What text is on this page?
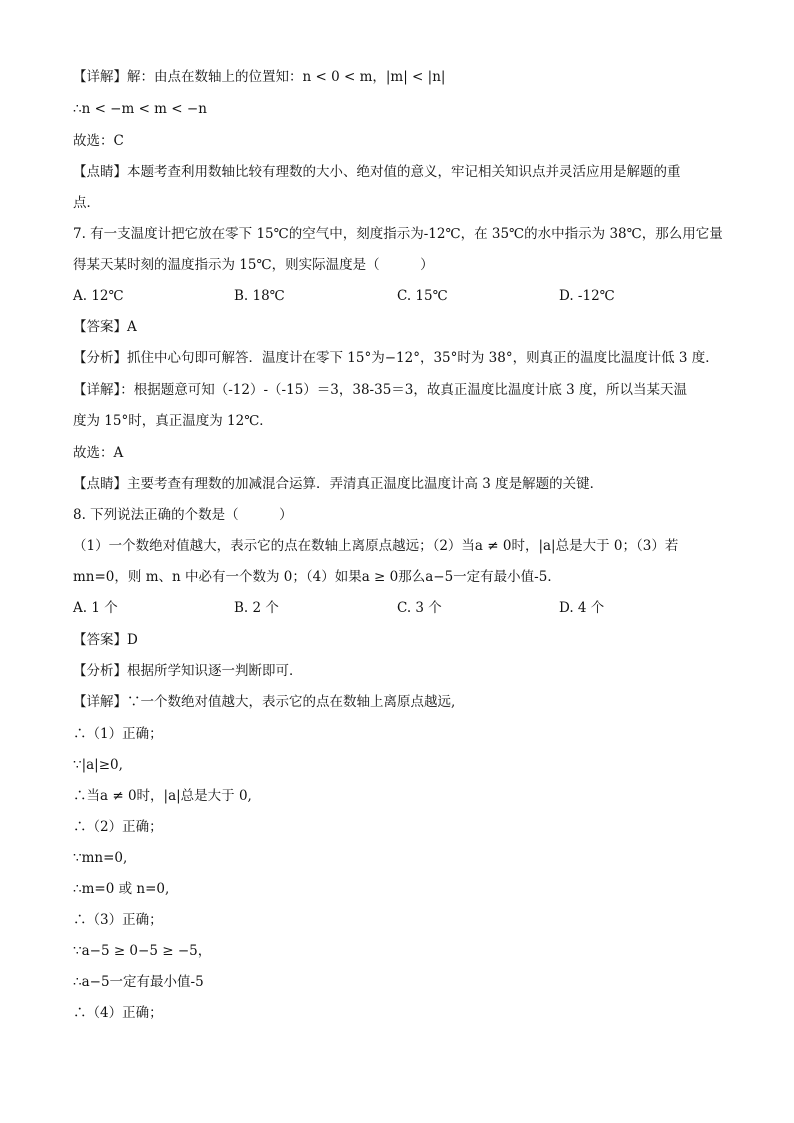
【详解】解：由点在数轴上的位置知：n < 0 < m，|m| < |n|
∴n < −m < m < −n
故选：C
【点睛】本题考查利用数轴比较有理数的大小、绝对值的意义，牢记相关知识点并灵活应用是解题的重
点．
7. 有一支温度计把它放在零下 15℃的空气中，刻度指示为-12℃，在 35℃的水中指示为 38℃，那么用它量
得某天某时刻的温度指示为 15℃，则实际温度是（　　　）
A. 12℃	B. 18℃	C. 15℃	D. -12℃
【答案】A
【分析】抓住中心句即可解答．温度计在零下 15°为−12°，35°时为 38°，则真正的温度比温度计低 3 度．
【详解】：根据题意可知（-12）-（-15）＝3，38-35＝3，故真正温度比温度计底 3 度，所以当某天温
度为 15°时，真正温度为 12℃．
故选：A
【点睛】主要考查有理数的加减混合运算．弄清真正温度比温度计高 3 度是解题的关键．
8. 下列说法正确的个数是（　　　）
（1）一个数绝对值越大，表示它的点在数轴上离原点越远；（2）当a ≠ 0时，|a|总是大于 0；（3）若
mn=0，则 m、n 中必有一个数为 0；（4）如果a ≥ 0那么a−5一定有最小值-5．
A. 1 个	B. 2 个	C. 3 个	D. 4 个
【答案】D
【分析】根据所学知识逐一判断即可．
【详解】∵一个数绝对值越大，表示它的点在数轴上离原点越远,
∴（1）正确；
∵|a|≥0,
∴当a ≠ 0时，|a|总是大于 0,
∴（2）正确；
∵mn=0,
∴m=0 或 n=0,
∴（3）正确；
∵a−5 ≥ 0−5 ≥ −5，
∴a−5一定有最小值-5
∴（4）正确；
